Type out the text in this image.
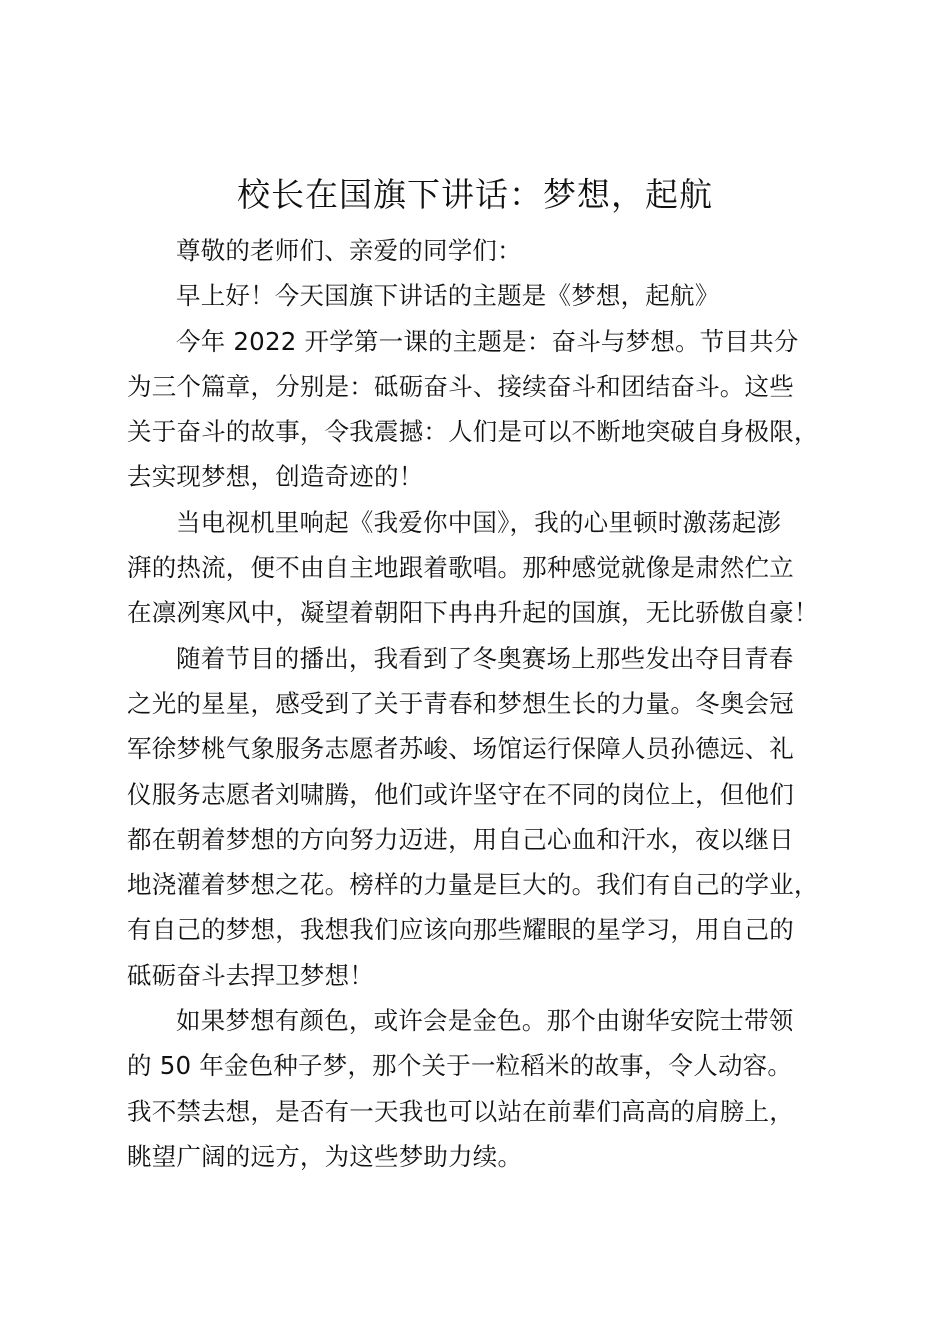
校长在国旗下讲话：梦想，起航

尊敬的老师们、亲爱的同学们：

早上好！今天国旗下讲话的主题是《梦想，起航》

今年 2022 开学第一课的主题是：奋斗与梦想。节目共分
为三个篇章，分别是：砥砺奋斗、接续奋斗和团结奋斗。这些
关于奋斗的故事，令我震撼：人们是可以不断地突破自身极限，
去实现梦想，创造奇迹的！

当电视机里响起《我爱你中国》，我的心里顿时激荡起澎
湃的热流，便不由自主地跟着歌唱。那种感觉就像是肃然伫立
在凛冽寒风中，凝望着朝阳下冉冉升起的国旗，无比骄傲自豪！

随着节目的播出，我看到了冬奥赛场上那些发出夺目青春
之光的星星，感受到了关于青春和梦想生长的力量。冬奥会冠
军徐梦桃气象服务志愿者苏峻、场馆运行保障人员孙德远、礼
仪服务志愿者刘啸腾，他们或许坚守在不同的岗位上，但他们
都在朝着梦想的方向努力迈进，用自己心血和汗水，夜以继日
地浇灌着梦想之花。榜样的力量是巨大的。我们有自己的学业，
有自己的梦想，我想我们应该向那些耀眼的星学习，用自己的
砥砺奋斗去捍卫梦想！

如果梦想有颜色，或许会是金色。那个由谢华安院士带领
的 50 年金色种子梦，那个关于一粒稻米的故事，令人动容。
我不禁去想，是否有一天我也可以站在前辈们高高的肩膀上，
眺望广阔的远方，为这些梦助力续。
